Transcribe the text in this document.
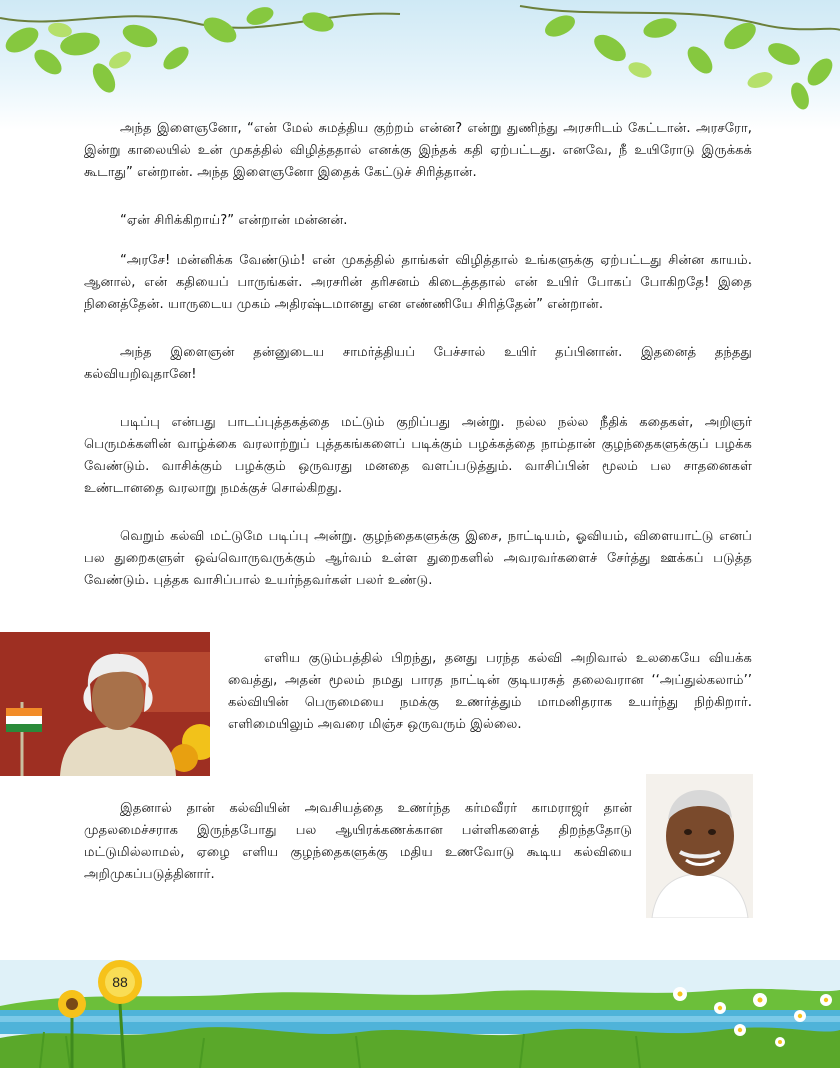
அந்த இளைஞனோ, “என் மேல் சுமத்திய குற்றம் என்ன? என்று துணிந்து அரசரிடம் கேட்டான். அரசரோ, இன்று காலையில் உன் முகத்தில் விழித்ததால் எனக்கு இந்தக் கதி ஏற்பட்டது. எனவே, நீ உயிரோடு இருக்கக் கூடாது” என்றான். அந்த இளைஞனோ இதைக் கேட்டுச் சிரித்தான்.

“ஏன் சிரிக்கிறாய்?” என்றான் மன்னன்.

“அரசே! மன்னிக்க வேண்டும்! என் முகத்தில் தாங்கள் விழித்தால் உங்களுக்கு ஏற்பட்டது சின்ன காயம். ஆனால், என் கதியைப் பாருங்கள். அரசரின் தரிசனம் கிடைத்ததால் என் உயிர் போகப் போகிறதே! இதை நினைத்தேன். யாருடைய முகம் அதிரஷ்டமானது என எண்ணியே சிரித்தேன்” என்றான்.

அந்த இளைஞன் தன்னுடைய சாமர்த்தியப் பேச்சால் உயிர் தப்பினான். இதனைத் தந்தது கல்வியறிவுதானே!

படிப்பு என்பது பாடப்புத்தகத்தை மட்டும் குறிப்பது அன்று. நல்ல நல்ல நீதிக் கதைகள், அறிஞர் பெருமக்களின் வாழ்க்கை வரலாற்றுப் புத்தகங்களைப் படிக்கும் பழக்கத்தை நாம்தான் குழந்தைகளுக்குப் பழக்க வேண்டும். வாசிக்கும் பழக்கும் ஒருவரது மனதை வளப்படுத்தும். வாசிப்பின் மூலம் பல சாதனைகள் உண்டானதை வரலாறு நமக்குச் சொல்கிறது.

வெறும் கல்வி மட்டுமே படிப்பு அன்று. குழந்தைகளுக்கு இசை, நாட்டியம், ஓவியம், விளையாட்டு எனப் பல துறைகளுள் ஒவ்வொருவருக்கும் ஆர்வம் உள்ள துறைகளில் அவரவர்களைச் சேர்த்து ஊக்கப் படுத்த வேண்டும். புத்தக வாசிப்பால் உயர்ந்தவர்கள் பலர் உண்டு.

எளிய குடும்பத்தில் பிறந்து, தனது பரந்த கல்வி அறிவால் உலகையே வியக்க வைத்து, அதன் மூலம் நமது பாரத நாட்டின் குடியரசுத் தலைவரான ‘‘அப்துல்கலாம்’’ கல்வியின் பெருமையை நமக்கு உணர்த்தும் மாமனிதராக உயர்ந்து நிற்கிறார். எளிமையிலும் அவரை மிஞ்ச ஒருவரும் இல்லை.
இதனால் தான் கல்வியின் அவசியத்தை உணர்ந்த கர்மவீரர் காமராஜர் தான் முதலமைச்சராக இருந்தபோது பல ஆயிரக்கணக்கான பள்ளிகளைத் திறந்ததோடு மட்டுமில்லாமல், ஏழை எளிய குழந்தைகளுக்கு மதிய உணவோடு கூடிய கல்வியை அறிமுகப்படுத்தினார்.
88
